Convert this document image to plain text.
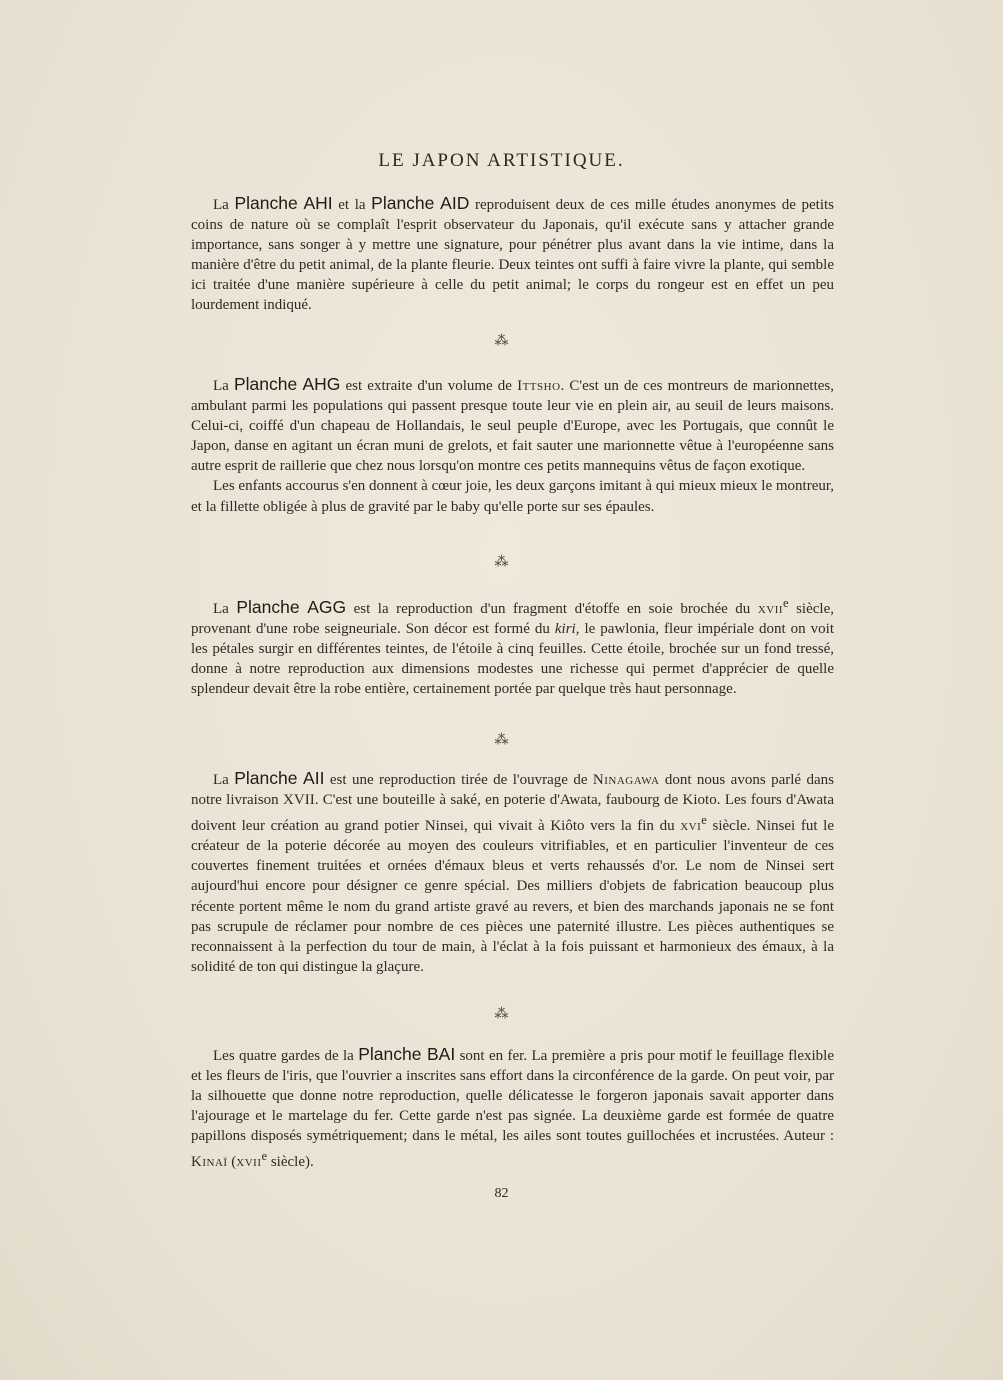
LE JAPON ARTISTIQUE.

La Planche AHI et la Planche AID reproduisent deux de ces mille études anonymes de petits coins de nature où se complaît l'esprit observateur du Japonais, qu'il exécute sans y attacher grande importance, sans songer à y mettre une signature, pour pénétrer plus avant dans la vie intime, dans la manière d'être du petit animal, de la plante fleurie. Deux teintes ont suffi à faire vivre la plante, qui semble ici traitée d'une manière supérieure à celle du petit animal; le corps du rongeur est en effet un peu lourdement indiqué.

⁂

La Planche AHG est extraite d'un volume de Ittsho. C'est un de ces montreurs de marionnettes, ambulant parmi les populations qui passent presque toute leur vie en plein air, au seuil de leurs maisons. Celui-ci, coiffé d'un chapeau de Hollandais, le seul peuple d'Europe, avec les Portugais, que connût le Japon, danse en agitant un écran muni de grelots, et fait sauter une marionnette vêtue à l'européenne sans autre esprit de raillerie que chez nous lorsqu'on montre ces petits mannequins vêtus de façon exotique.

Les enfants accourus s'en donnent à cœur joie, les deux garçons imitant à qui mieux mieux le montreur, et la fillette obligée à plus de gravité par le baby qu'elle porte sur ses épaules.

⁂

La Planche AGG est la reproduction d'un fragment d'étoffe en soie brochée du xvii$^e$ siècle, provenant d'une robe seigneuriale. Son décor est formé du kiri, le pawlonia, fleur impériale dont on voit les pétales surgir en différentes teintes, de l'étoile à cinq feuilles. Cette étoile, brochée sur un fond tressé, donne à notre reproduction aux dimensions modestes une richesse qui permet d'apprécier de quelle splendeur devait être la robe entière, certainement portée par quelque très haut personnage.

⁂

La Planche AII est une reproduction tirée de l'ouvrage de Ninagawa dont nous avons parlé dans notre livraison XVII. C'est une bouteille à saké, en poterie d'Awata, faubourg de Kioto. Les fours d'Awata doivent leur création au grand potier Ninsei, qui vivait à Kiôto vers la fin du xvi$^e$ siècle. Ninsei fut le créateur de la poterie décorée au moyen des couleurs vitrifiables, et en particulier l'inventeur de ces couvertes finement truitées et ornées d'émaux bleus et verts rehaussés d'or. Le nom de Ninsei sert aujourd'hui encore pour désigner ce genre spécial. Des milliers d'objets de fabrication beaucoup plus récente portent même le nom du grand artiste gravé au revers, et bien des marchands japonais ne se font pas scrupule de réclamer pour nombre de ces pièces une paternité illustre. Les pièces authentiques se reconnaissent à la perfection du tour de main, à l'éclat à la fois puissant et harmonieux des émaux, à la solidité de ton qui distingue la glaçure.

⁂

Les quatre gardes de la Planche BAI sont en fer. La première a pris pour motif le feuillage flexible et les fleurs de l'iris, que l'ouvrier a inscrites sans effort dans la circonférence de la garde. On peut voir, par la silhouette que donne notre reproduction, quelle délicatesse le forgeron japonais savait apporter dans l'ajourage et le martelage du fer. Cette garde n'est pas signée. La deuxième garde est formée de quatre papillons disposés symétriquement; dans le métal, les ailes sont toutes guillochées et incrustées. Auteur : Kinaï (xvii$^e$ siècle).

82
